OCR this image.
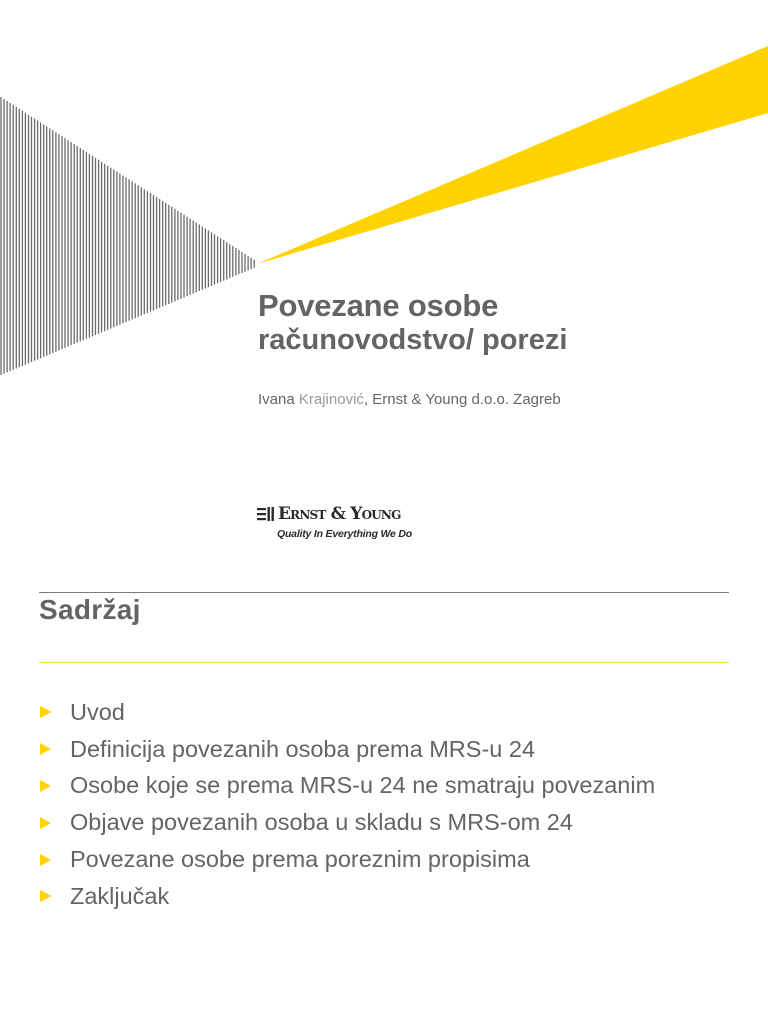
Povezane osobe
računovodstvo/ porezi
Ivana Krajinović, Ernst & Young d.o.o. Zagreb
Ernst & Young
Quality In Everything We Do
Sadržaj
Uvod
Definicija povezanih osoba prema MRS-u 24
Osobe koje se prema MRS-u 24 ne smatraju povezanim
Objave povezanih osoba u skladu s MRS-om 24
Povezane osobe prema poreznim propisima
Zaključak
